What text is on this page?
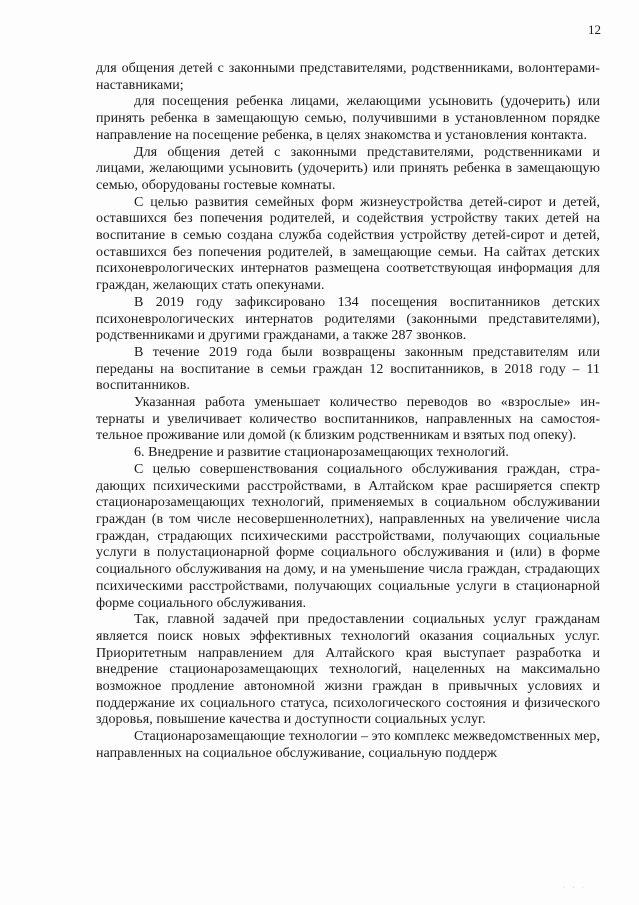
12

для общения детей с законными представителями, родственниками, волонтерами-наставниками;

для посещения ребенка лицами, желающими усыновить (удочерить) или принять ребенка в замещающую семью, получившими в установленном порядке направление на посещение ребенка, в целях знакомства и установления контакта.

Для общения детей с законными представителями, родственниками и лицами, желающими усыновить (удочерить) или принять ребенка в замещающую семью, оборудованы гостевые комнаты.

С целью развития семейных форм жизнеустройства детей-сирот и детей, оставшихся без попечения родителей, и содействия устройству таких детей на воспитание в семью создана служба содействия устройству детей-сирот и детей, оставшихся без попечения родителей, в замещающие семьи. На сайтах детских психоневрологических интернатов размещена соответствующая информация для граждан, желающих стать опекунами.

В 2019 году зафиксировано 134 посещения воспитанников детских психоневрологических интернатов родителями (законными представителями), родственниками и другими гражданами, а также 287 звонков.

В течение 2019 года были возвращены законным представителям или переданы на воспитание в семьи граждан 12 воспитанников, в 2018 году – 11 воспитанников.

Указанная работа уменьшает количество переводов во «взрослые» интернаты и увеличивает количество воспитанников, направленных на самостоятельное проживание или домой (к близким родственникам и взятых под опеку).

6. Внедрение и развитие стационарозамещающих технологий.

С целью совершенствования социального обслуживания граждан, страдающих психическими расстройствами, в Алтайском крае расширяется спектр стационарозамещающих технологий, применяемых в социальном обслуживании граждан (в том числе несовершеннолетних), направленных на увеличение числа граждан, страдающих психическими расстройствами, получающих социальные услуги в полустационарной форме социального обслуживания и (или) в форме социального обслуживания на дому, и на уменьшение числа граждан, страдающих психическими расстройствами, получающих социальные услуги в стационарной форме социального обслуживания.

Так, главной задачей при предоставлении социальных услуг гражданам является поиск новых эффективных технологий оказания социальных услуг. Приоритетным направлением для Алтайского края выступает разработка и внедрение стационарозамещающих технологий, нацеленных на максимально возможное продление автономной жизни граждан в привычных условиях и поддержание их социального статуса, психологического состояния и физического здоровья, повышение качества и доступности социальных услуг.

Стационарозамещающие технологии – это комплекс межведомственных мер, направленных на социальное обслуживание, социальную поддерж

· · ·
